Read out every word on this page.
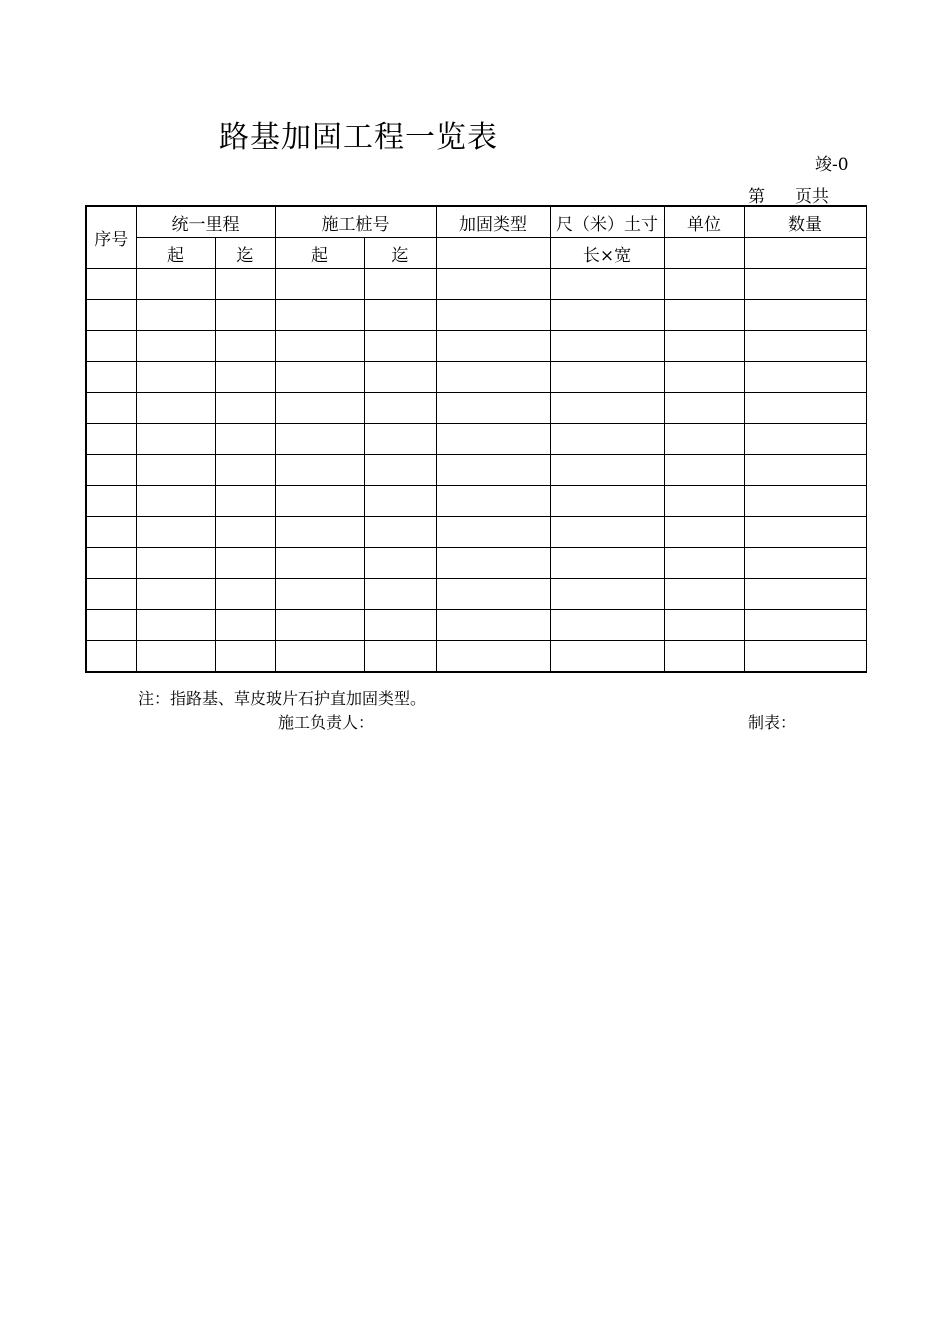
路基加固工程一览表
竣-0
第 页共
序号	统一里程		施工桩号		加固类型	尺（米）土寸	单位	数量
	起	迄	起	迄		长×宽		

注：指路基、草皮玻片石护直加固类型。
施工负责人：	制表：
